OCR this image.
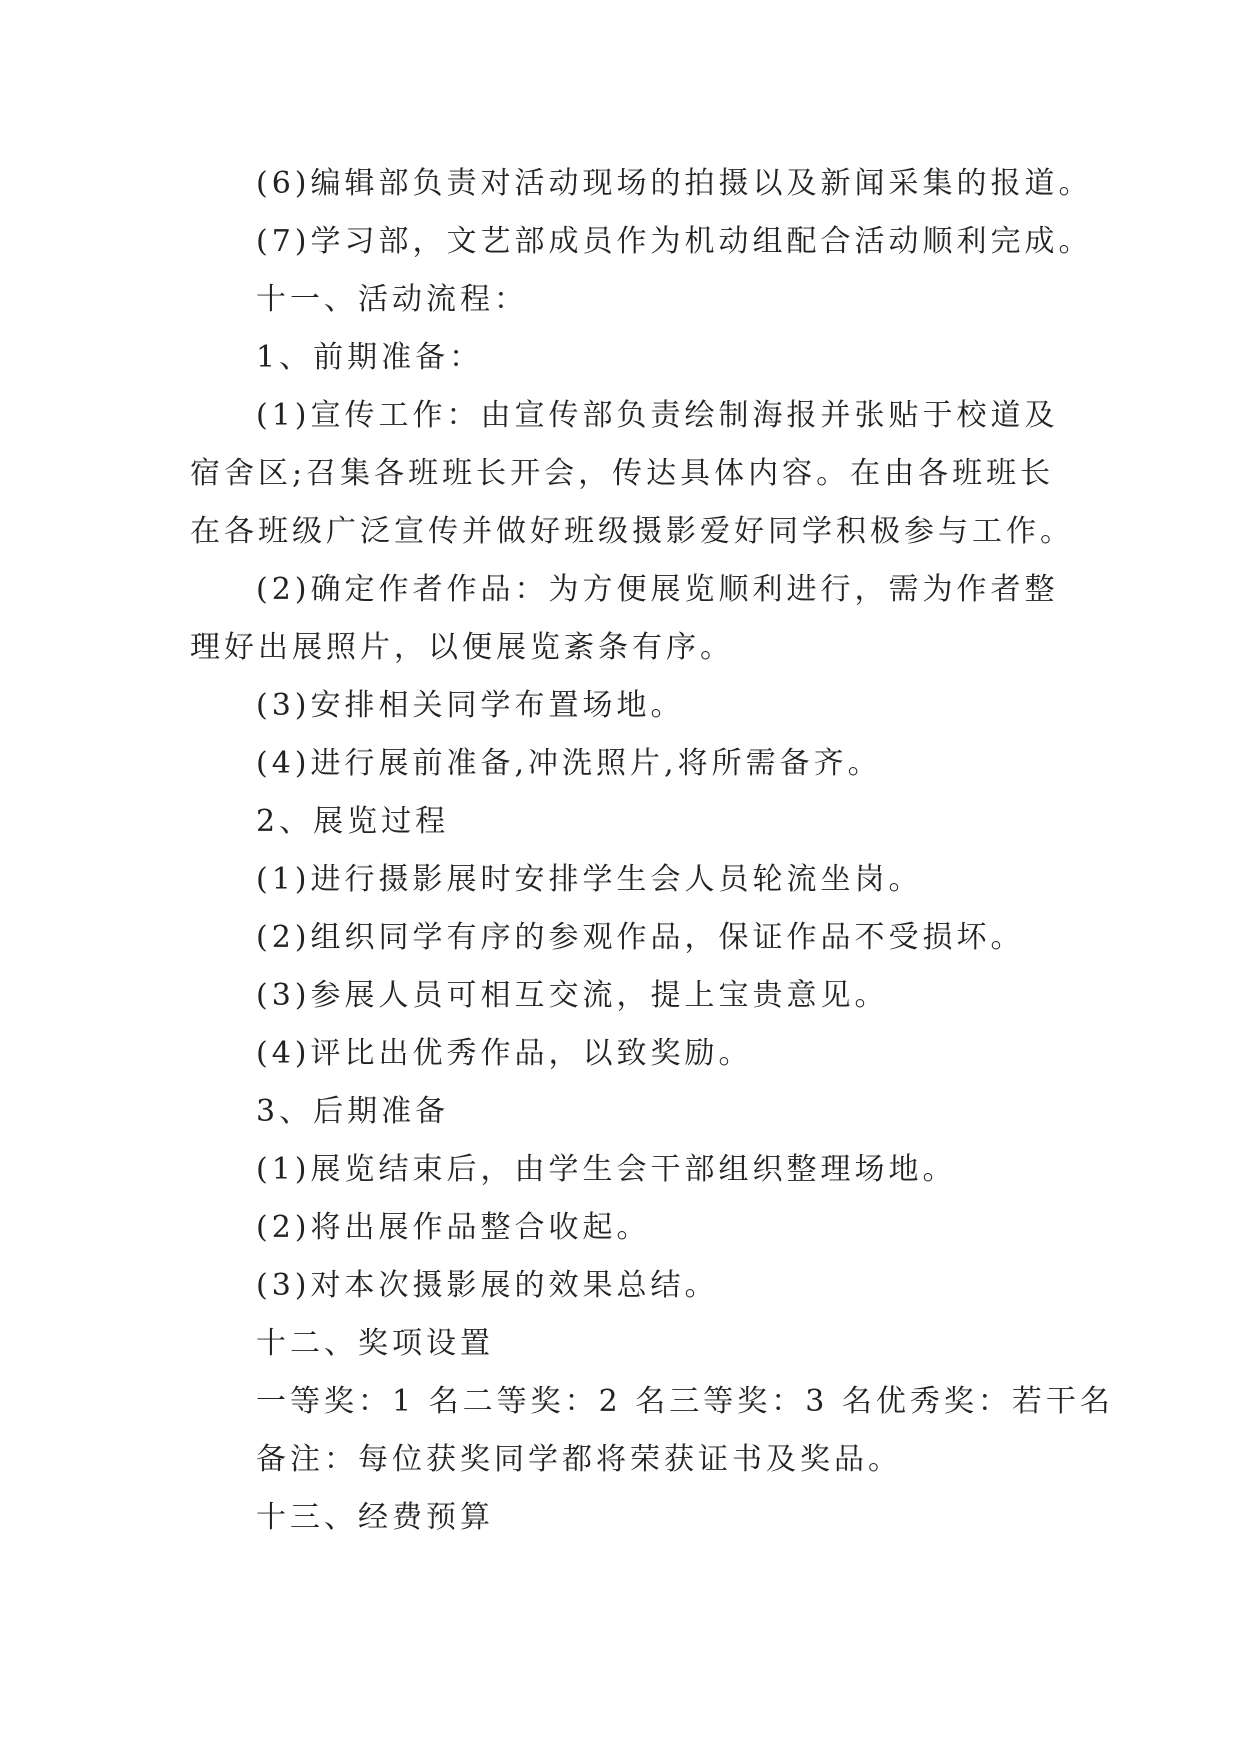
(6)编辑部负责对活动现场的拍摄以及新闻采集的报道。
(7)学习部，文艺部成员作为机动组配合活动顺利完成。
十一、活动流程：
1、前期准备：
(1)宣传工作：由宣传部负责绘制海报并张贴于校道及
宿舍区;召集各班班长开会，传达具体内容。在由各班班长
在各班级广泛宣传并做好班级摄影爱好同学积极参与工作。
(2)确定作者作品：为方便展览顺利进行，需为作者整
理好出展照片，以便展览紊条有序。
(3)安排相关同学布置场地。
(4)进行展前准备,冲洗照片,将所需备齐。
2、展览过程
(1)进行摄影展时安排学生会人员轮流坐岗。
(2)组织同学有序的参观作品，保证作品不受损坏。
(3)参展人员可相互交流，提上宝贵意见。
(4)评比出优秀作品，以致奖励。
3、后期准备
(1)展览结束后，由学生会干部组织整理场地。
(2)将出展作品整合收起。
(3)对本次摄影展的效果总结。
十二、奖项设置
一等奖：1 名二等奖：2 名三等奖：3 名优秀奖：若干名
备注：每位获奖同学都将荣获证书及奖品。
十三、经费预算
